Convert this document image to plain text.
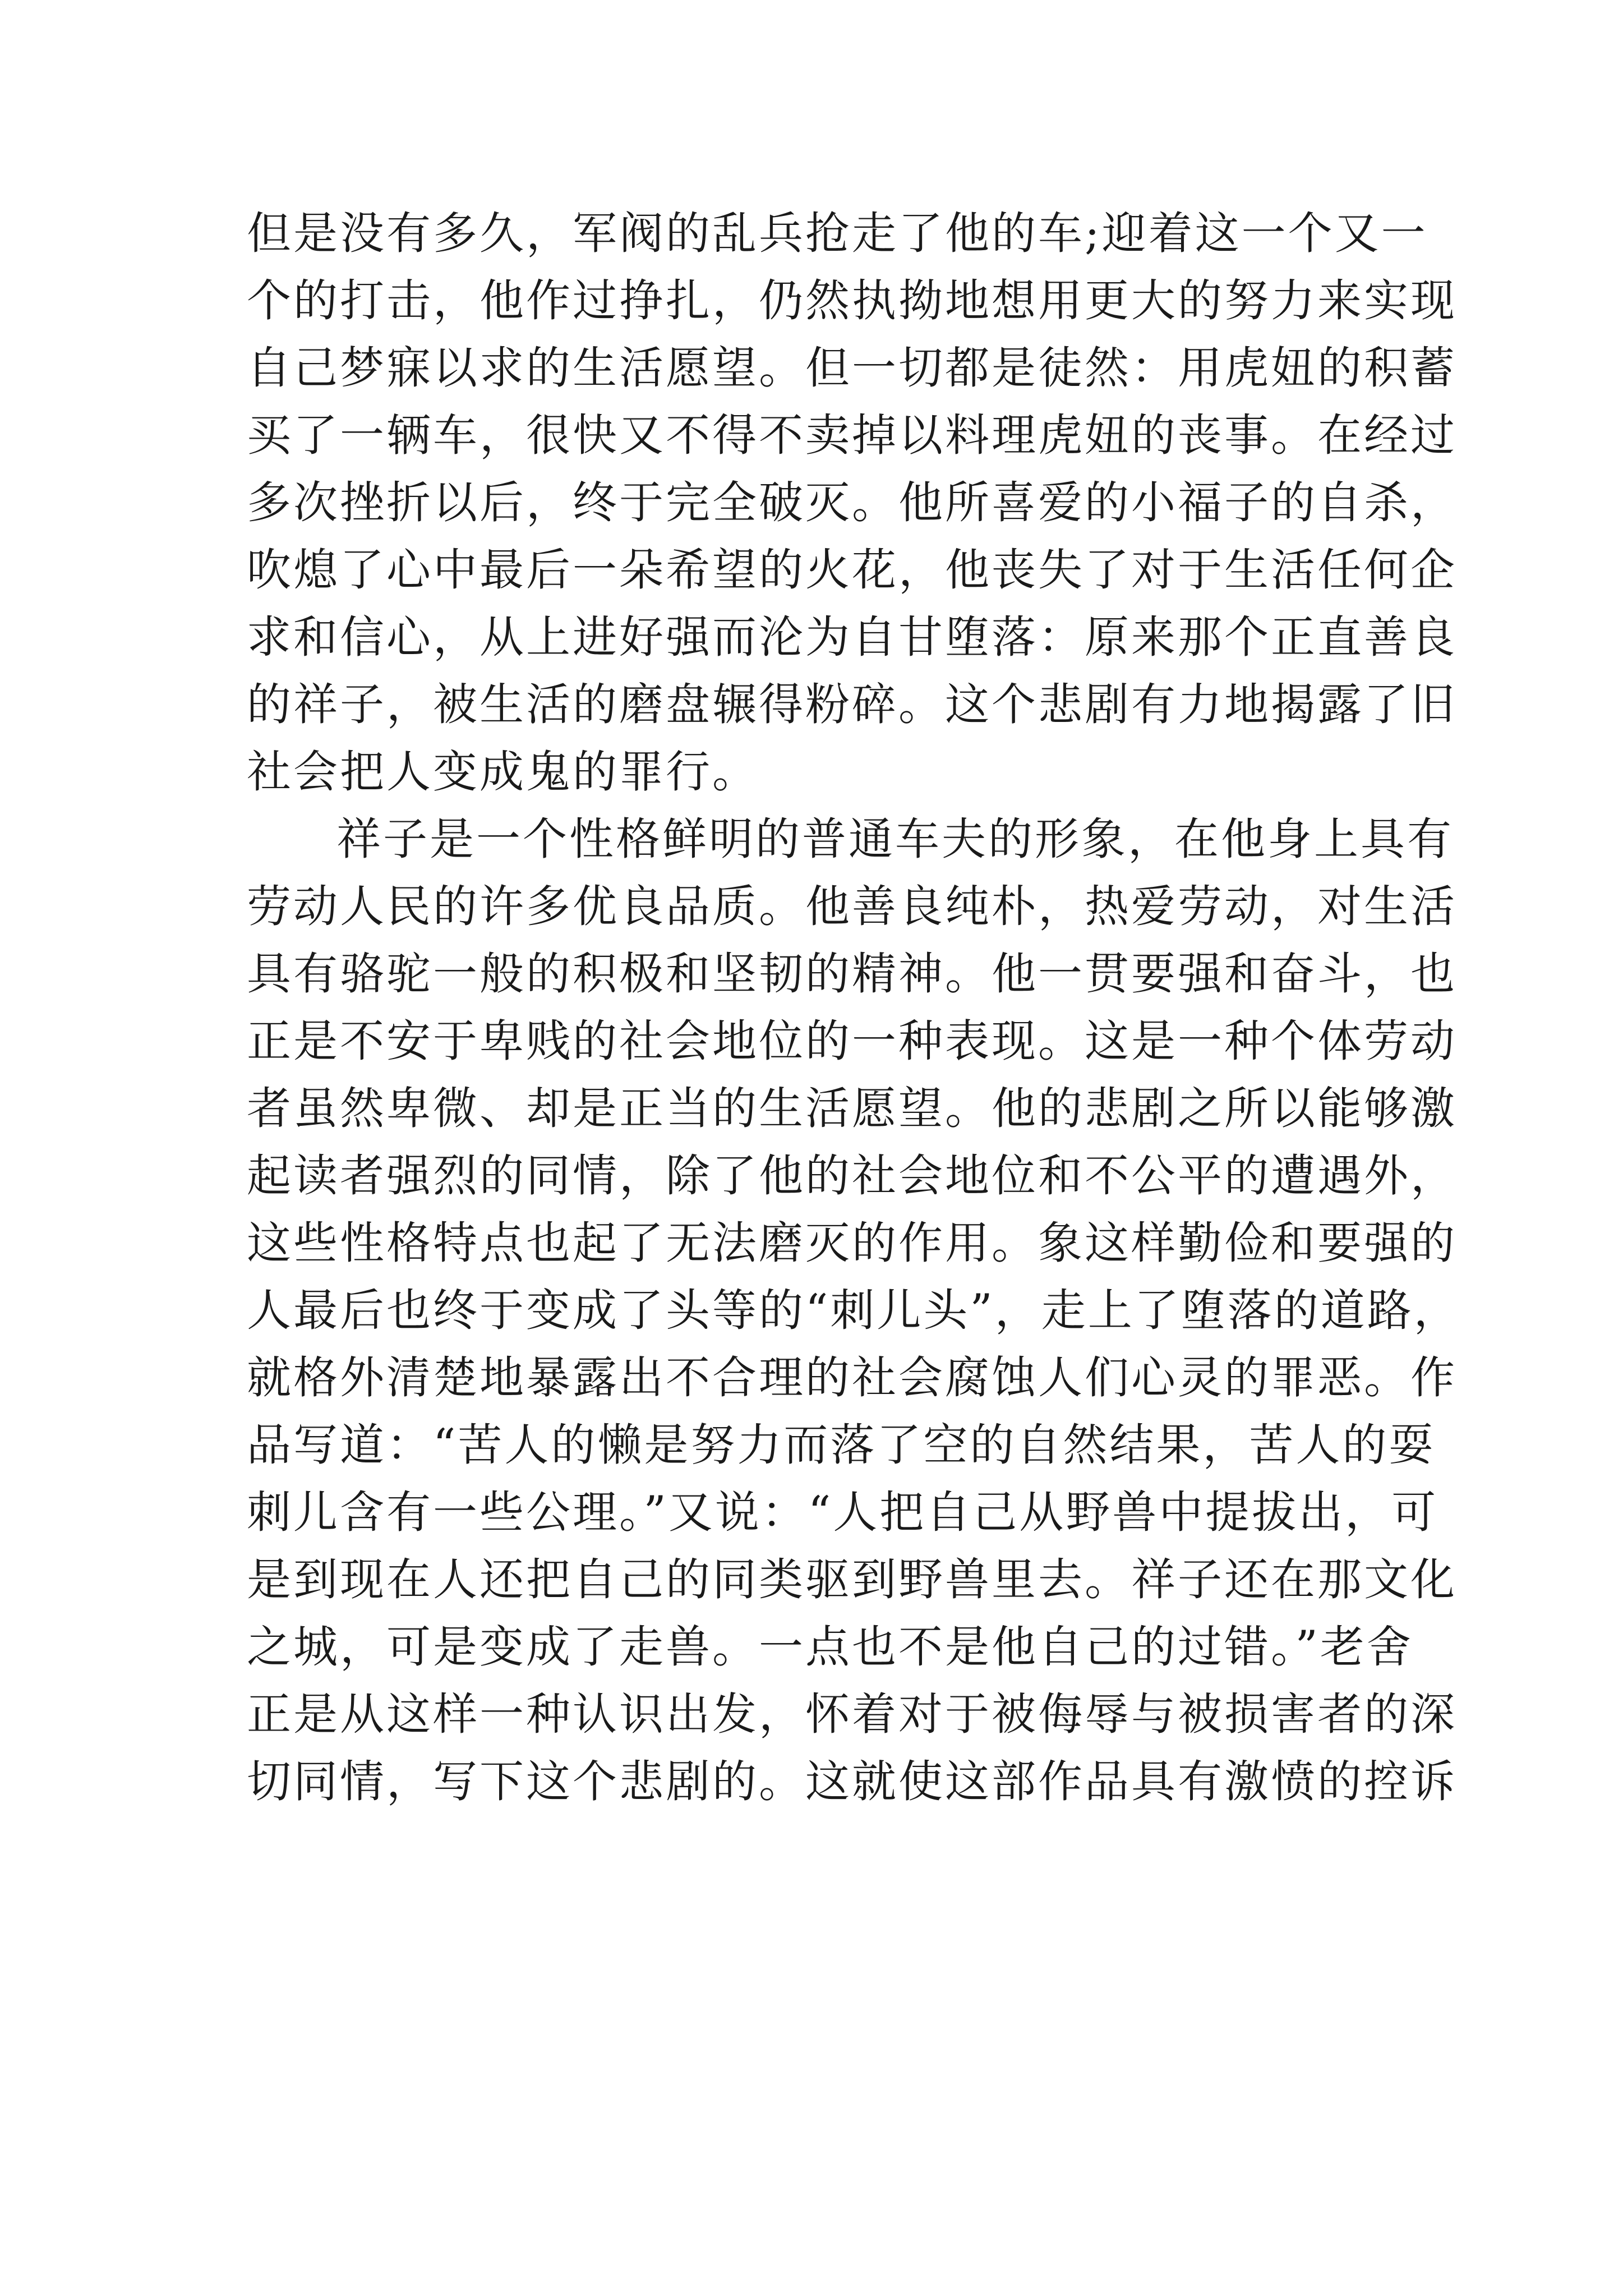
但是没有多久，军阀的乱兵抢走了他的车;迎着这一个又一
个的打击，他作过挣扎，仍然执拗地想用更大的努力来实现
自己梦寐以求的生活愿望。但一切都是徒然：用虎妞的积蓄
买了一辆车，很快又不得不卖掉以料理虎妞的丧事。在经过
多次挫折以后，终于完全破灭。他所喜爱的小福子的自杀，
吹熄了心中最后一朵希望的火花，他丧失了对于生活任何企
求和信心，从上进好强而沦为自甘堕落：原来那个正直善良
的祥子，被生活的磨盘辗得粉碎。这个悲剧有力地揭露了旧
社会把人变成鬼的罪行。
祥子是一个性格鲜明的普通车夫的形象，在他身上具有
劳动人民的许多优良品质。他善良纯朴，热爱劳动，对生活
具有骆驼一般的积极和坚韧的精神。他一贯要强和奋斗，也
正是不安于卑贱的社会地位的一种表现。这是一种个体劳动
者虽然卑微、却是正当的生活愿望。他的悲剧之所以能够激
起读者强烈的同情，除了他的社会地位和不公平的遭遇外，
这些性格特点也起了无法磨灭的作用。象这样勤俭和要强的
人最后也终于变成了头等的“刺儿头”，走上了堕落的道路，
就格外清楚地暴露出不合理的社会腐蚀人们心灵的罪恶。作
品写道：“苦人的懒是努力而落了空的自然结果，苦人的耍
刺儿含有一些公理。”又说：“人把自己从野兽中提拔出，可
是到现在人还把自己的同类驱到野兽里去。祥子还在那文化
之城，可是变成了走兽。一点也不是他自己的过错。”老舍
正是从这样一种认识出发，怀着对于被侮辱与被损害者的深
切同情，写下这个悲剧的。这就使这部作品具有激愤的控诉
